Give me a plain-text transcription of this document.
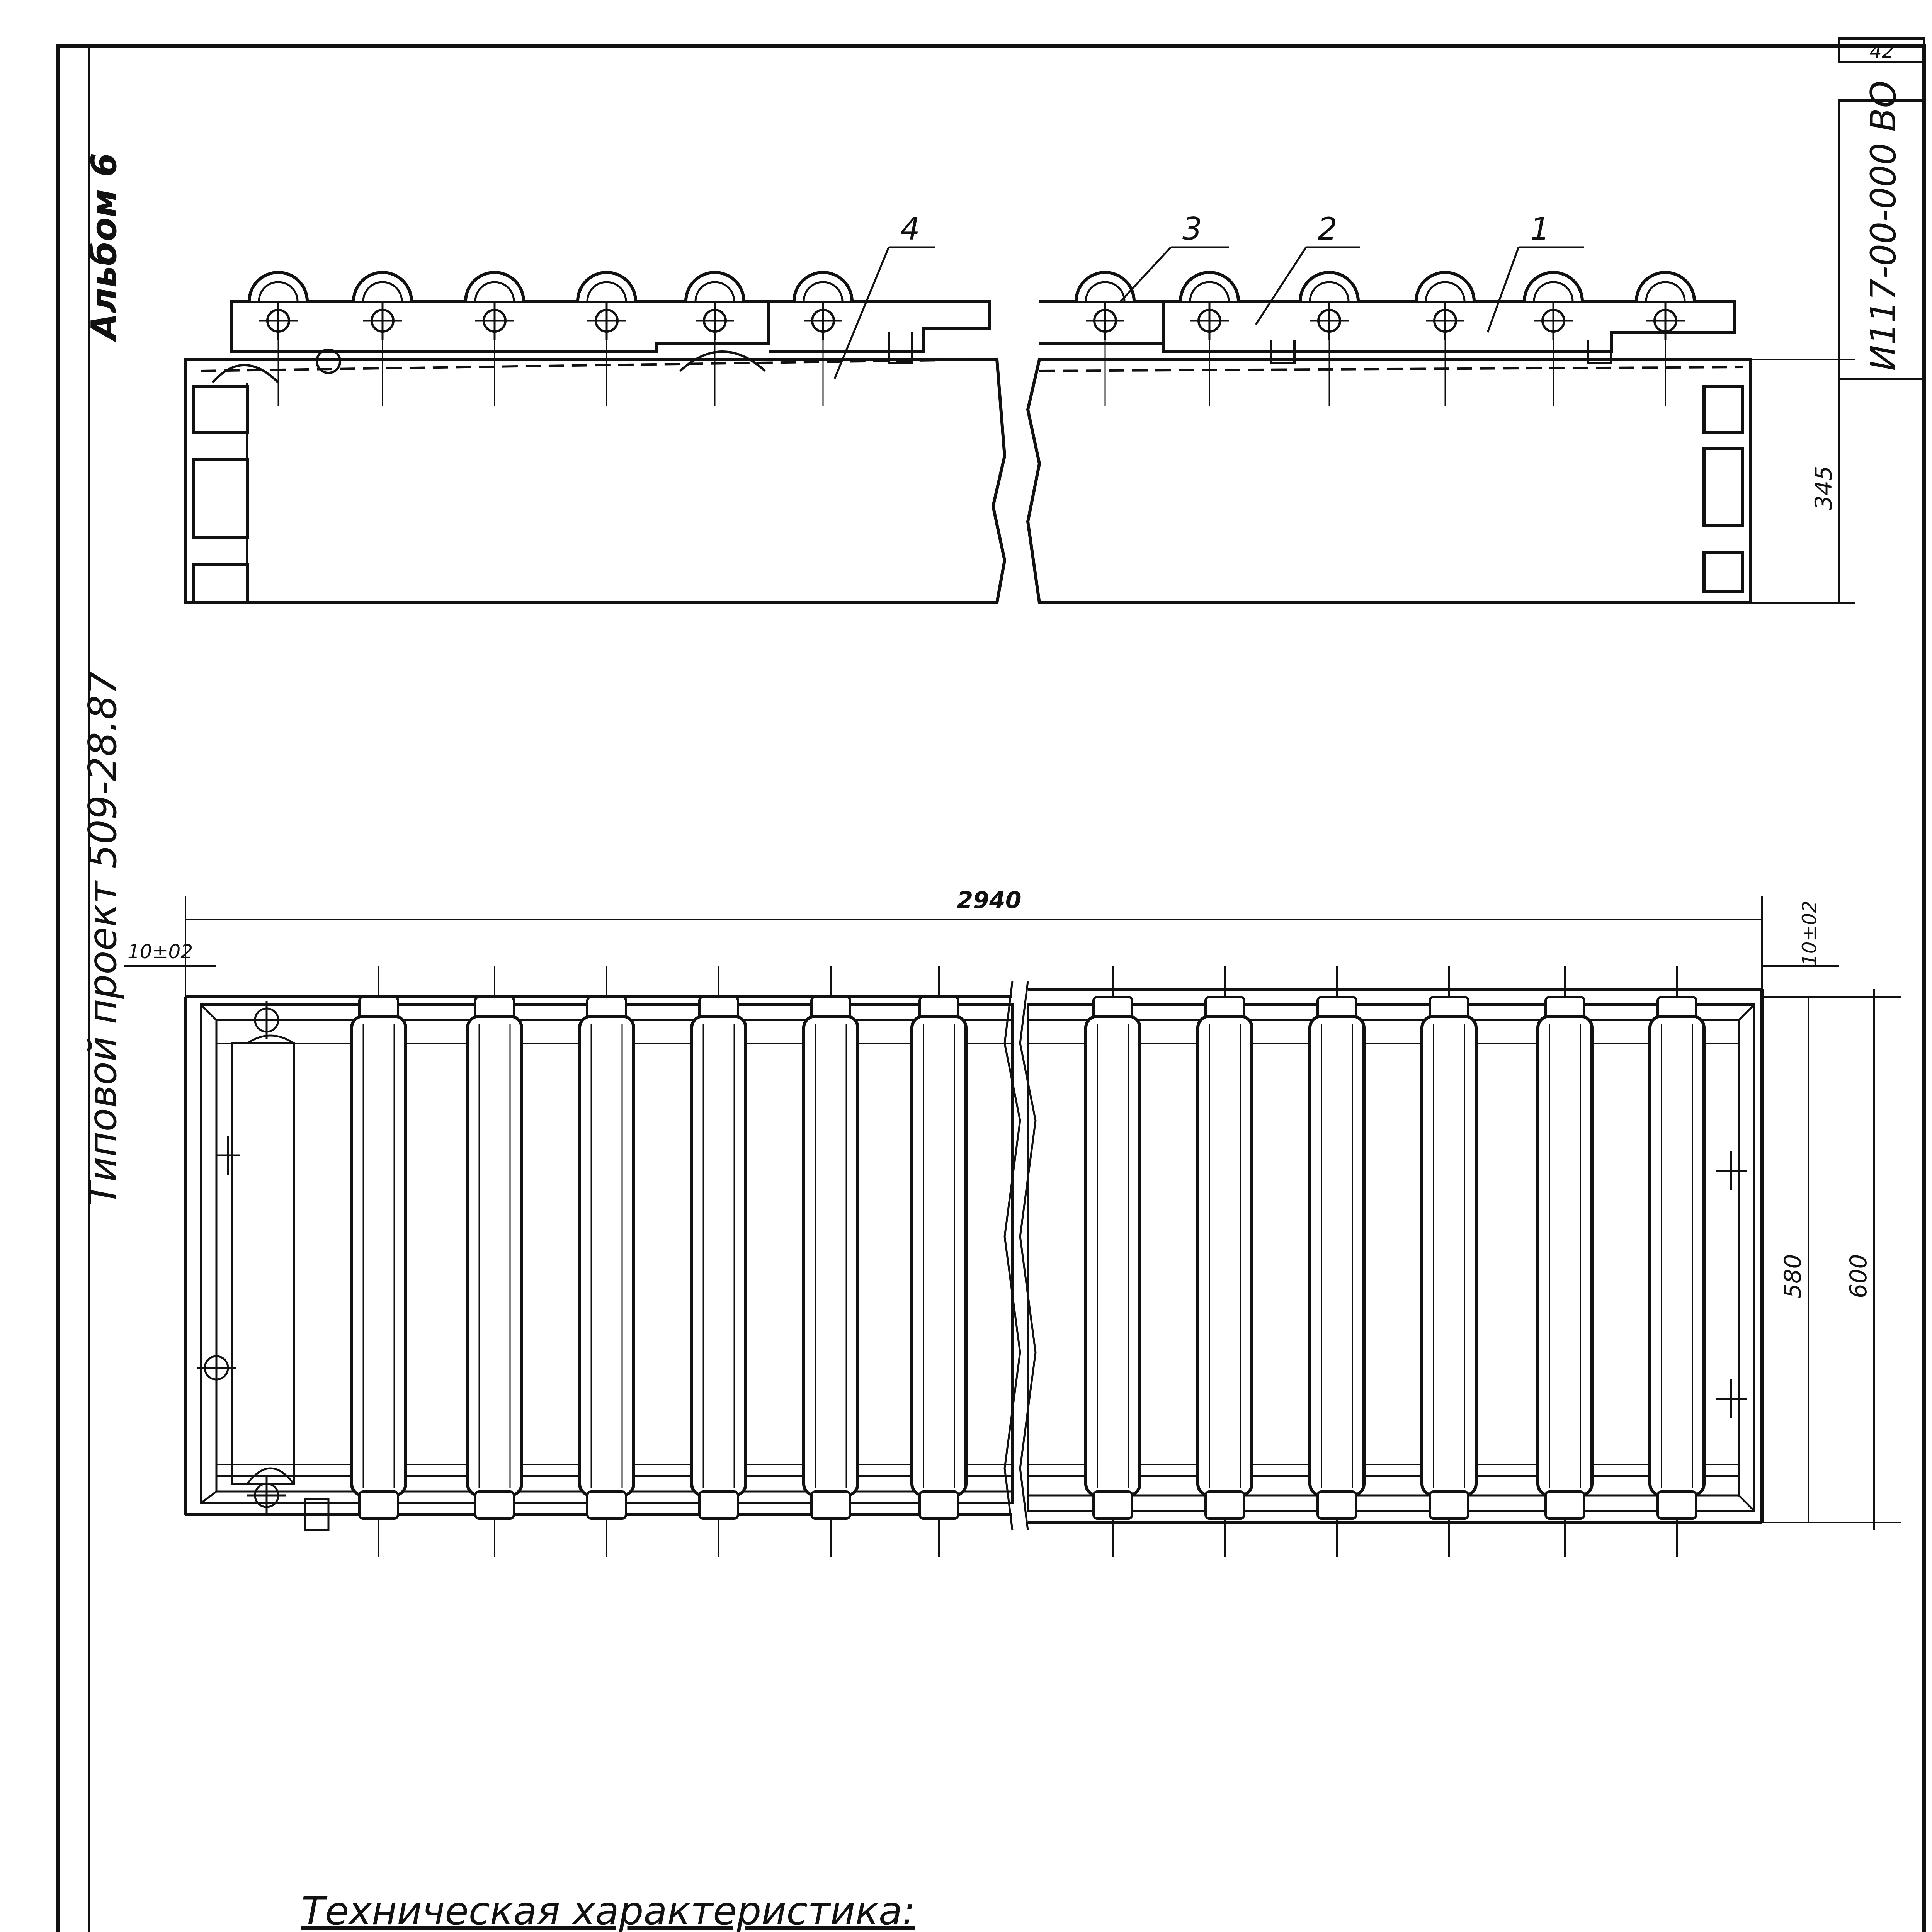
42
Альбом 6
Типовой проект 509-28.87
И117-00-000 ВО
4	3	2	1
345
2940
10±02	10±02
580 600
Техническая характеристика:
